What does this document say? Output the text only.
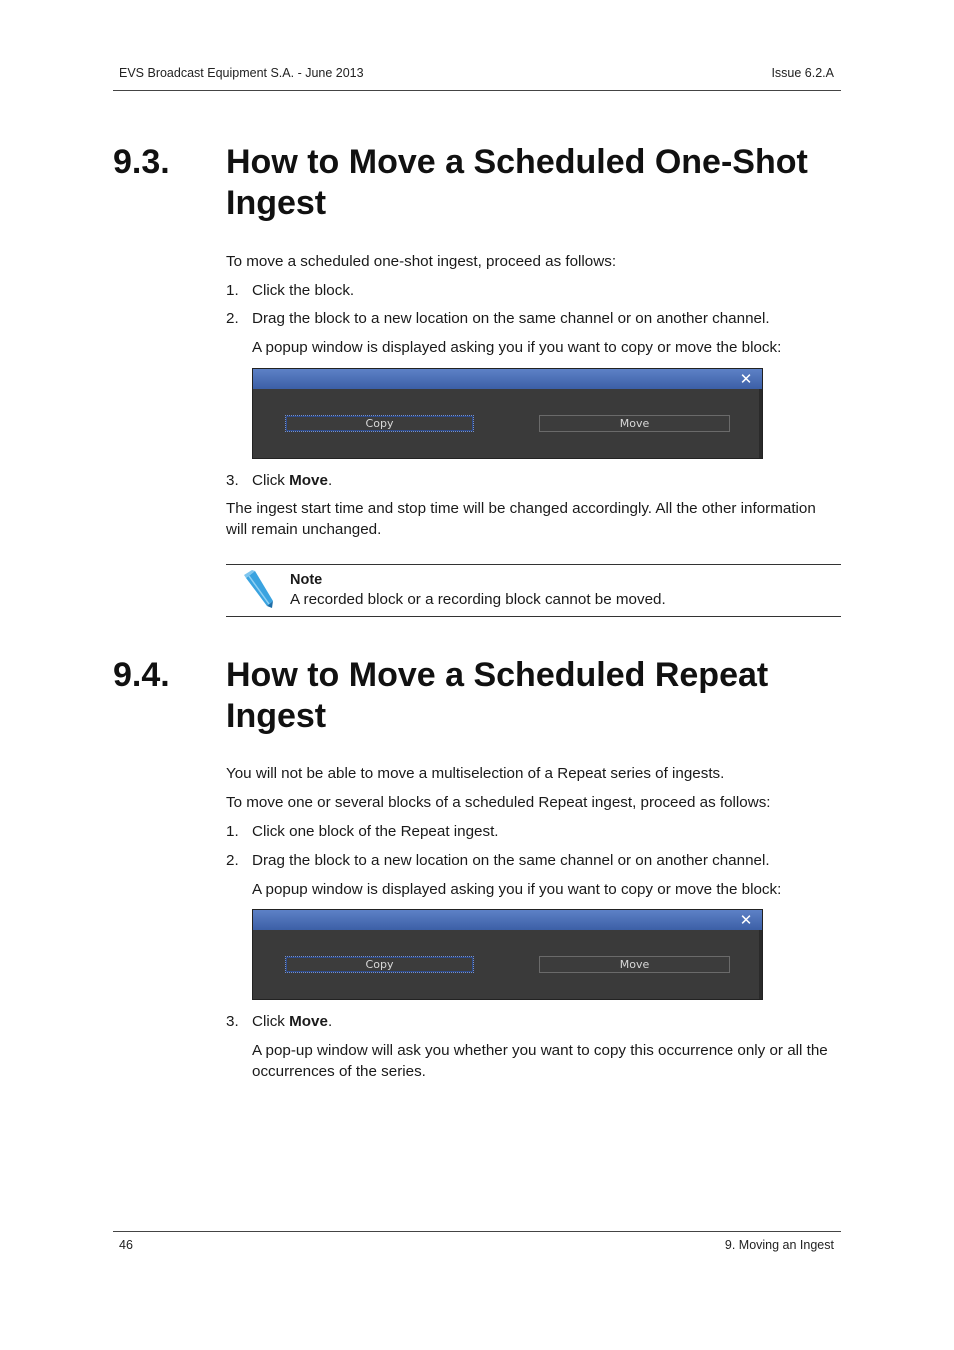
EVS Broadcast Equipment S.A. - June 2013	Issue 6.2.A
9.3. How to Move a Scheduled One-Shot
Ingest
To move a scheduled one-shot ingest, proceed as follows:
1. Click the block.
2. Drag the block to a new location on the same channel or on another channel.
A popup window is displayed asking you if you want to copy or move the block:
✕
Copy	Move
3. Click Move.
The ingest start time and stop time will be changed accordingly. All the other information
will remain unchanged.
Note
A recorded block or a recording block cannot be moved.
9.4. How to Move a Scheduled Repeat
Ingest
You will not be able to move a multiselection of a Repeat series of ingests.
To move one or several blocks of a scheduled Repeat ingest, proceed as follows:
1. Click one block of the Repeat ingest.
2. Drag the block to a new location on the same channel or on another channel.
A popup window is displayed asking you if you want to copy or move the block:
✕
Copy	Move
3. Click Move.
A pop-up window will ask you whether you want to copy this occurrence only or all the
occurrences of the series.
46	9. Moving an Ingest
